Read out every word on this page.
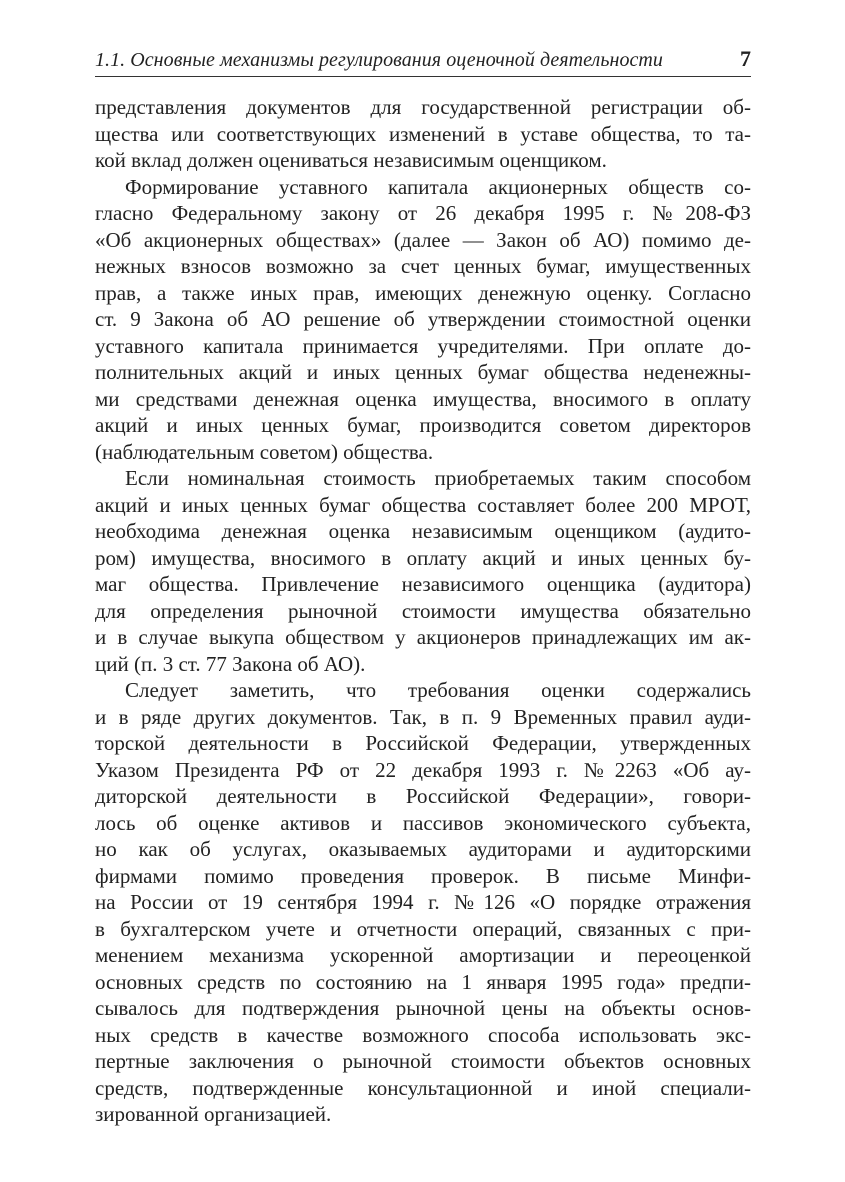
1.1. Основные механизмы регулирования оценочной деятельности	7
представления документов для государственной регистрации об-
щества или соответствующих изменений в уставе общества, то та-
кой вклад должен оцениваться независимым оценщиком.
Формирование уставного капитала акционерных обществ со-
гласно Федеральному закону от 26 декабря 1995 г. №208-ФЗ
«Об акционерных обществах» (далее — Закон об АО) помимо де-
нежных взносов возможно за счет ценных бумаг, имущественных
прав, а также иных прав, имеющих денежную оценку. Согласно
ст. 9 Закона об АО решение об утверждении стоимостной оценки
уставного капитала принимается учредителями. При оплате до-
полнительных акций и иных ценных бумаг общества неденежны-
ми средствами денежная оценка имущества, вносимого в оплату
акций и иных ценных бумаг, производится советом директоров
(наблюдательным советом) общества.
Если номинальная стоимость приобретаемых таким способом
акций и иных ценных бумаг общества составляет более 200 МРОТ,
необходима денежная оценка независимым оценщиком (аудито-
ром) имущества, вносимого в оплату акций и иных ценных бу-
маг общества. Привлечение независимого оценщика (аудитора)
для определения рыночной стоимости имущества обязательно
и в случае выкупа обществом у акционеров принадлежащих им ак-
ций (п. 3 ст. 77 Закона об АО).
Следует заметить, что требования оценки содержались
и в ряде других документов. Так, в п. 9 Временных правил ауди-
торской деятельности в Российской Федерации, утвержденных
Указом Президента РФ от 22 декабря 1993 г. №2263 «Об ау-
диторской деятельности в Российской Федерации», говори-
лось об оценке активов и пассивов экономического субъекта,
но как об услугах, оказываемых аудиторами и аудиторскими
фирмами помимо проведения проверок. В письме Минфи-
на России от 19 сентября 1994 г. №126 «О порядке отражения
в бухгалтерском учете и отчетности операций, связанных с при-
менением механизма ускоренной амортизации и переоценкой
основных средств по состоянию на 1 января 1995 года» предпи-
сывалось для подтверждения рыночной цены на объекты основ-
ных средств в качестве возможного способа использовать экс-
пертные заключения о рыночной стоимости объектов основных
средств, подтвержденные консультационной и иной специали-
зированной организацией.
